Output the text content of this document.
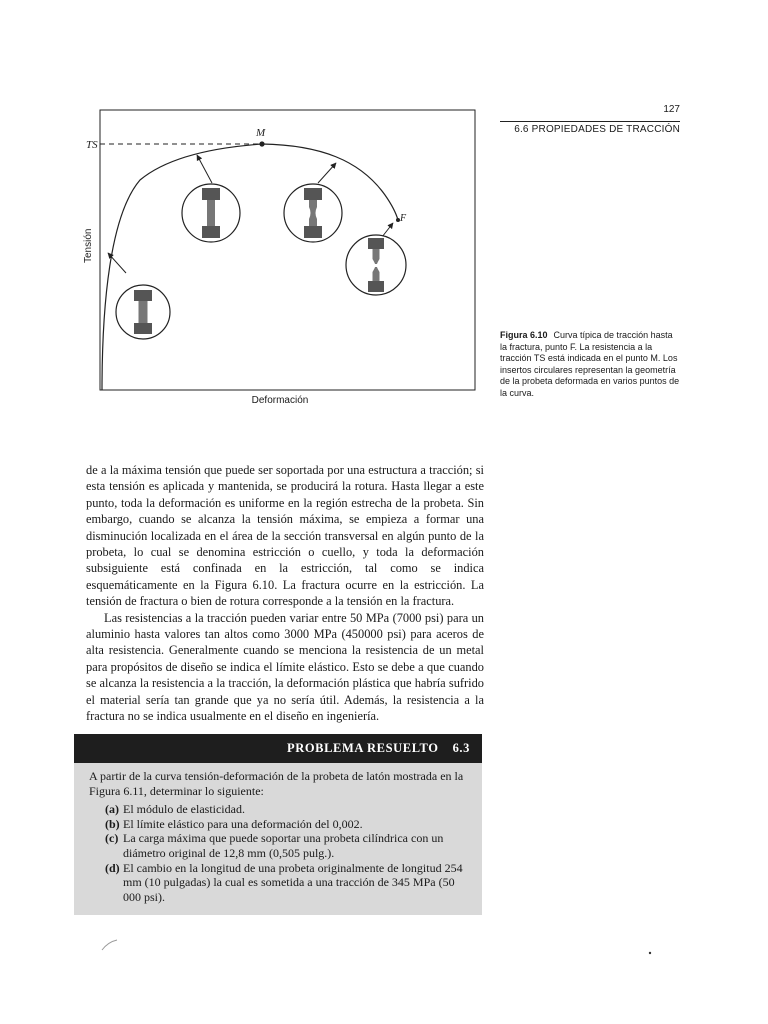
127
6.6 PROPIEDADES DE TRACCIÓN
TS
M
F
Tensión
Deformación
Figura 6.10 Curva típica de tracción hasta la fractura, punto F. La resistencia a la tracción TS está indicada en el punto M. Los insertos circulares representan la geometría de la probeta deformada en varios puntos de la curva.

de a la máxima tensión que puede ser soportada por una estructura a tracción; si esta tensión es aplicada y mantenida, se producirá la rotura. Hasta llegar a este punto, toda la deformación es uniforme en la región estrecha de la probeta. Sin embargo, cuando se alcanza la tensión máxima, se empieza a formar una disminución localizada en el área de la sección transversal en algún punto de la probeta, lo cual se denomina estricción o cuello, y toda la deformación subsiguiente está confinada en la estricción, tal como se indica esquemáticamente en la Figura 6.10. La fractura ocurre en la estricción. La tensión de fractura o bien de rotura corresponde a la tensión en la fractura.

Las resistencias a la tracción pueden variar entre 50 MPa (7000 psi) para un aluminio hasta valores tan altos como 3000 MPa (450000 psi) para aceros de alta resistencia. Generalmente cuando se menciona la resistencia de un metal para propósitos de diseño se indica el límite elástico. Esto se debe a que cuando se alcanza la resistencia a la tracción, la deformación plástica que habría sufrido el material sería tan grande que ya no sería útil. Además, la resistencia a la fractura no se indica usualmente en el diseño en ingeniería.

PROBLEMA RESUELTO 6.3

A partir de la curva tensión-deformación de la probeta de latón mostrada en la Figura 6.11, determinar lo siguiente:

(a) El módulo de elasticidad.
(b) El límite elástico para una deformación del 0,002.
(c) La carga máxima que puede soportar una probeta cilíndrica con un diámetro original de 12,8 mm (0,505 pulg.).
(d) El cambio en la longitud de una probeta originalmente de longitud 254 mm (10 pulgadas) la cual es sometida a una tracción de 345 MPa (50 000 psi).
